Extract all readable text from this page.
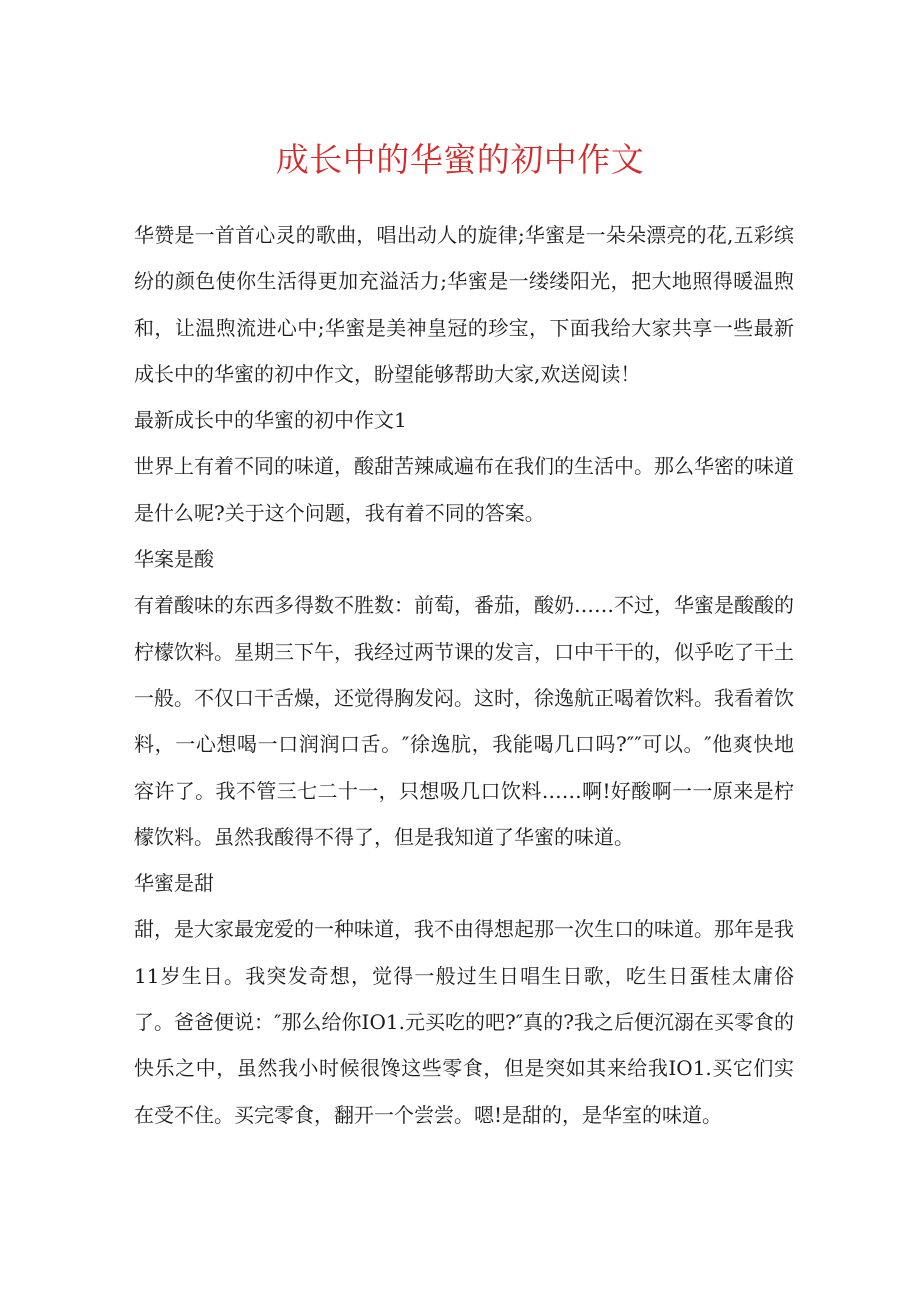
成长中的华蜜的初中作文

华赞是一首首心灵的歌曲，唱出动人的旋律;华蜜是一朵朵漂亮的花,五彩缤纷的颜色使你生活得更加充溢活力;华蜜是一缕缕阳光，把大地照得暖温煦和，让温煦流进心中;华蜜是美神皇冠的珍宝，下面我给大家共享一些最新成长中的华蜜的初中作文，盼望能够帮助大家,欢送阅读！

最新成长中的华蜜的初中作文1

世界上有着不同的味道，酸甜苦辣咸遍布在我们的生活中。那么华密的味道是什么呢?关于这个问题，我有着不同的答案。

华案是酸

有着酸味的东西多得数不胜数：前萄，番茄，酸奶……不过，华蜜是酸酸的柠檬饮料。星期三下午，我经过两节课的发言，口中干干的，似乎吃了干土一般。不仅口干舌燥，还觉得胸发闷。这时，徐逸航正喝着饮料。我看着饮料，一心想喝一口润润口舌。″徐逸肮，我能喝几口吗?″″可以。″他爽快地容许了。我不管三七二十一，只想吸几口饮料……啊!好酸啊一一原来是柠檬饮料。虽然我酸得不得了，但是我知道了华蜜的味道。

华蜜是甜

甜，是大家最宠爱的一种味道，我不由得想起那一次生口的味道。那年是我11岁生日。我突发奇想，觉得一般过生日唱生日歌，吃生日蛋桂太庸俗了。爸爸便说：″那么给你IO1.元买吃的吧?″真的?我之后便沉溺在买零食的快乐之中，虽然我小时候很馋这些零食，但是突如其来给我IO1.买它们实在受不住。买完零食，翻开一个尝尝。嗯!是甜的，是华室的味道。
